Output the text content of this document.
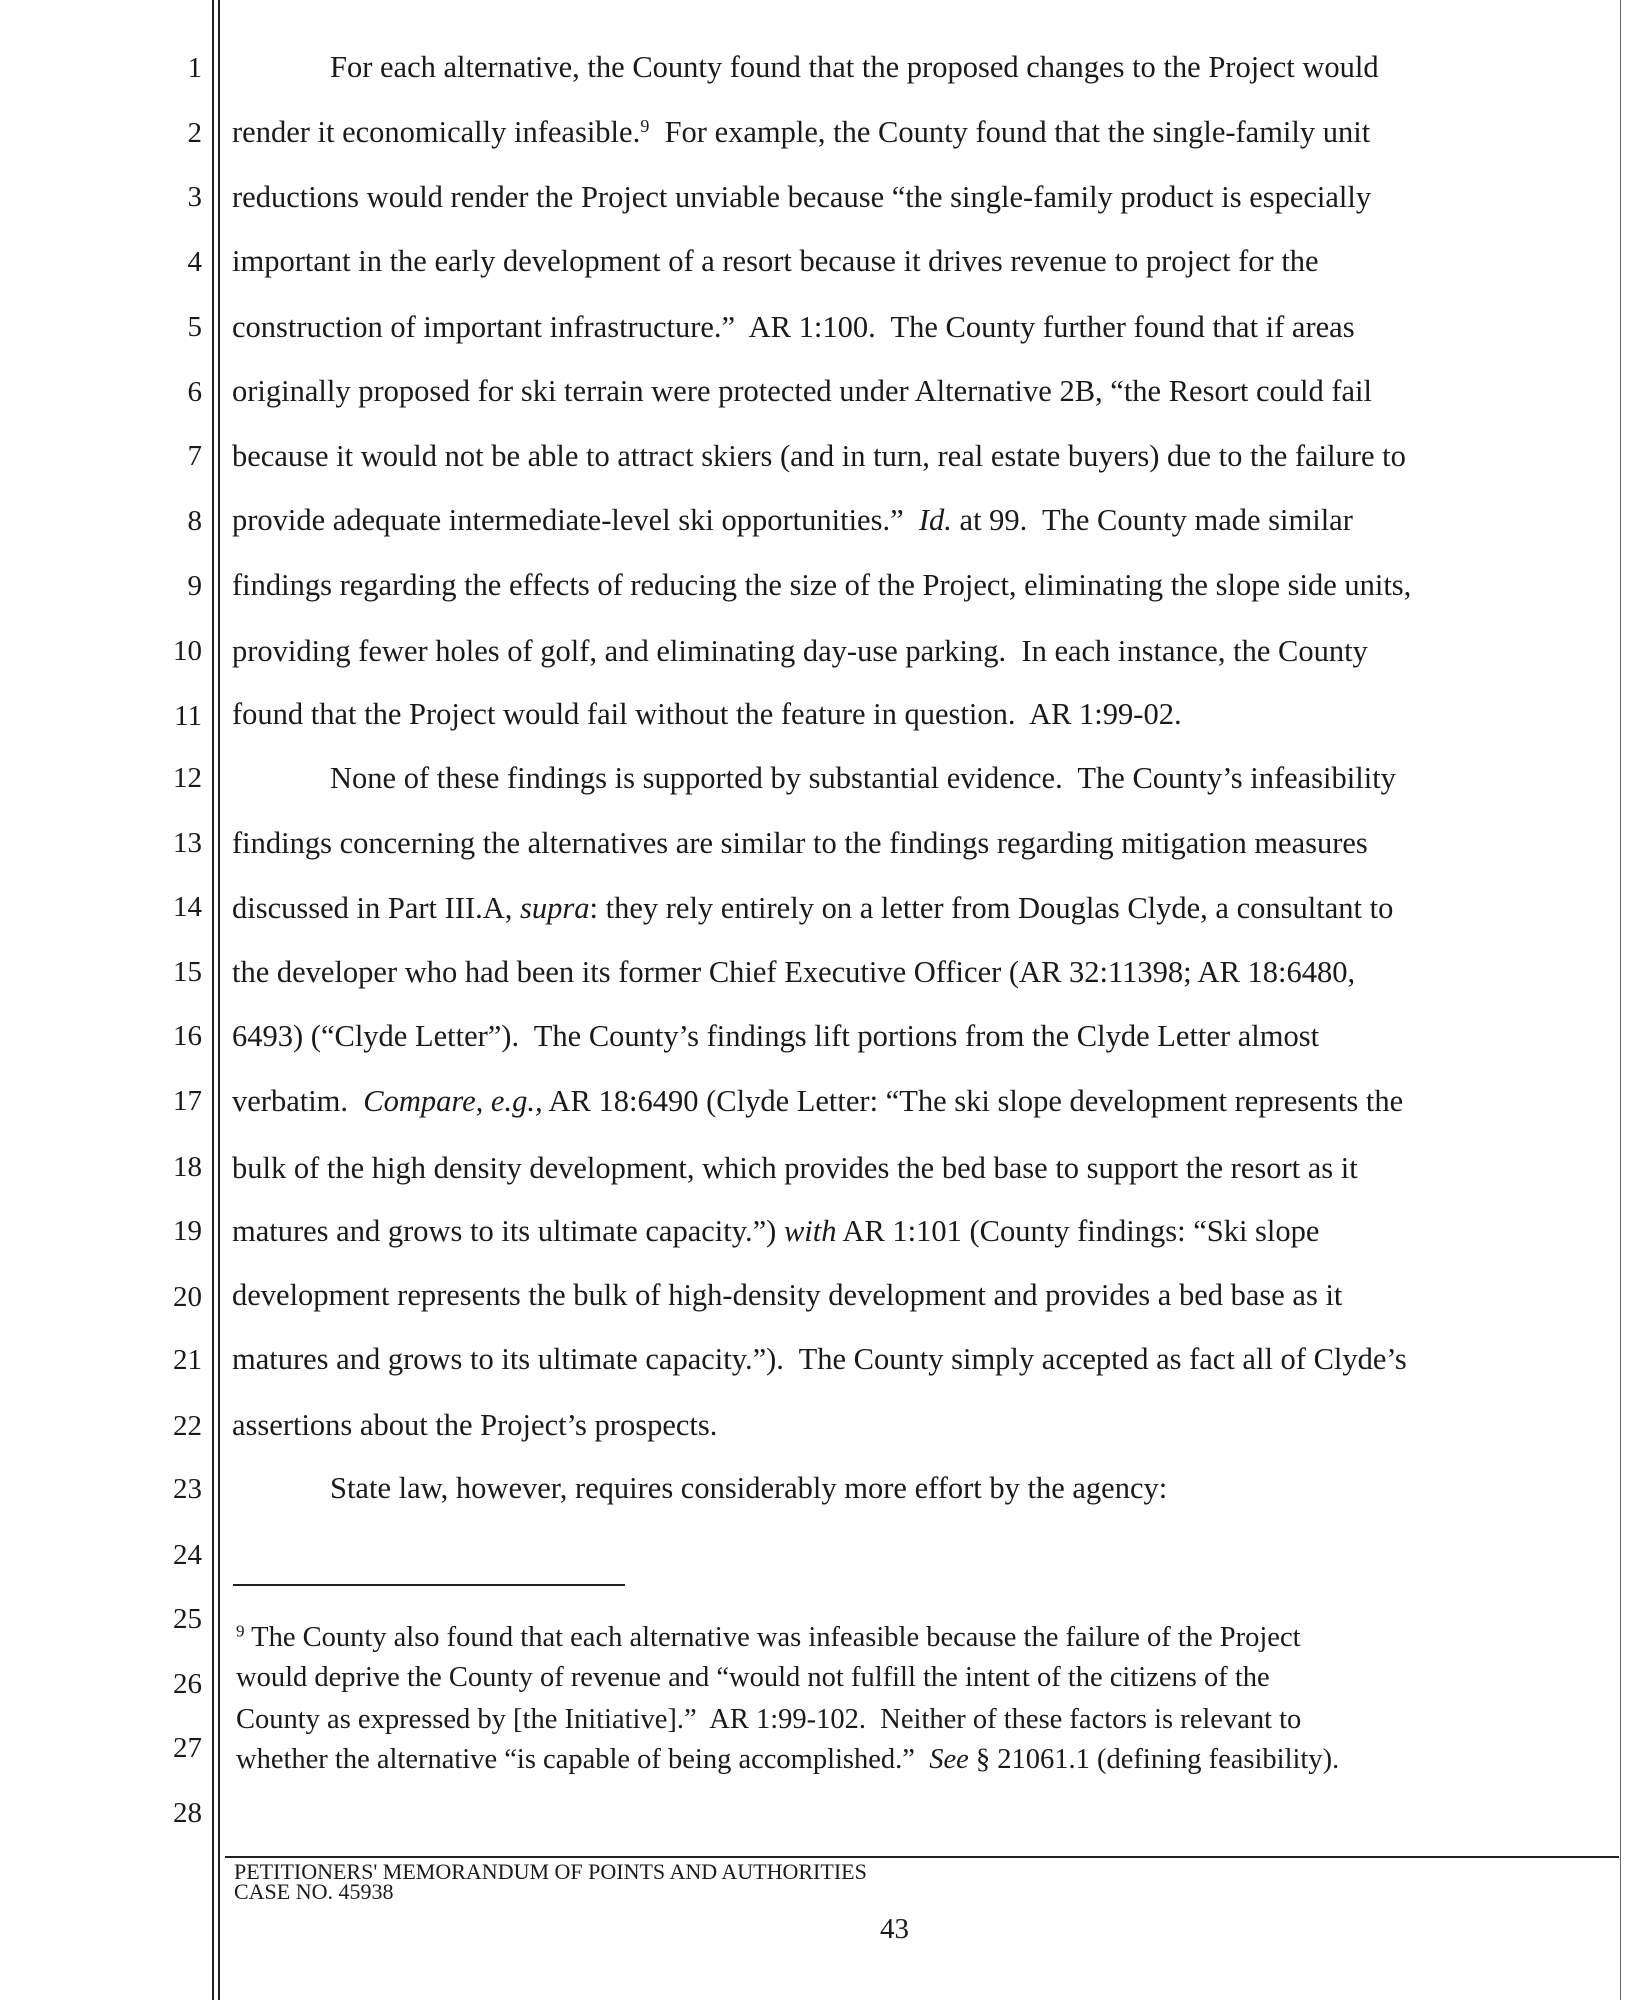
1
2
3
4
5
6
7
8
9
10
11
12
13
14
15
16
17
18
19
20
21
22
23
24
25
26
27
28
For each alternative, the County found that the proposed changes to the Project would
render it economically infeasible.$^9$  For example, the County found that the single-family unit
reductions would render the Project unviable because “the single-family product is especially
important in the early development of a resort because it drives revenue to project for the
construction of important infrastructure.”  AR 1:100.  The County further found that if areas
originally proposed for ski terrain were protected under Alternative 2B, “the Resort could fail
because it would not be able to attract skiers (and in turn, real estate buyers) due to the failure to
provide adequate intermediate-level ski opportunities.”  Id. at 99.  The County made similar
findings regarding the effects of reducing the size of the Project, eliminating the slope side units,
providing fewer holes of golf, and eliminating day-use parking.  In each instance, the County
found that the Project would fail without the feature in question.  AR 1:99-02.
None of these findings is supported by substantial evidence.  The County’s infeasibility
findings concerning the alternatives are similar to the findings regarding mitigation measures
discussed in Part III.A, supra: they rely entirely on a letter from Douglas Clyde, a consultant to
the developer who had been its former Chief Executive Officer (AR 32:11398; AR 18:6480,
6493) (“Clyde Letter”).  The County’s findings lift portions from the Clyde Letter almost
verbatim.  Compare, e.g., AR 18:6490 (Clyde Letter: “The ski slope development represents the
bulk of the high density development, which provides the bed base to support the resort as it
matures and grows to its ultimate capacity.”) with AR 1:101 (County findings: “Ski slope
development represents the bulk of high-density development and provides a bed base as it
matures and grows to its ultimate capacity.”).  The County simply accepted as fact all of Clyde’s
assertions about the Project’s prospects.
State law, however, requires considerably more effort by the agency:
$^9$ The County also found that each alternative was infeasible because the failure of the Project
would deprive the County of revenue and “would not fulfill the intent of the citizens of the
County as expressed by [the Initiative].”  AR 1:99-102.  Neither of these factors is relevant to
whether the alternative “is capable of being accomplished.”  See § 21061.1 (defining feasibility).
PETITIONERS' MEMORANDUM OF POINTS AND AUTHORITIES
CASE NO. 45938
43
